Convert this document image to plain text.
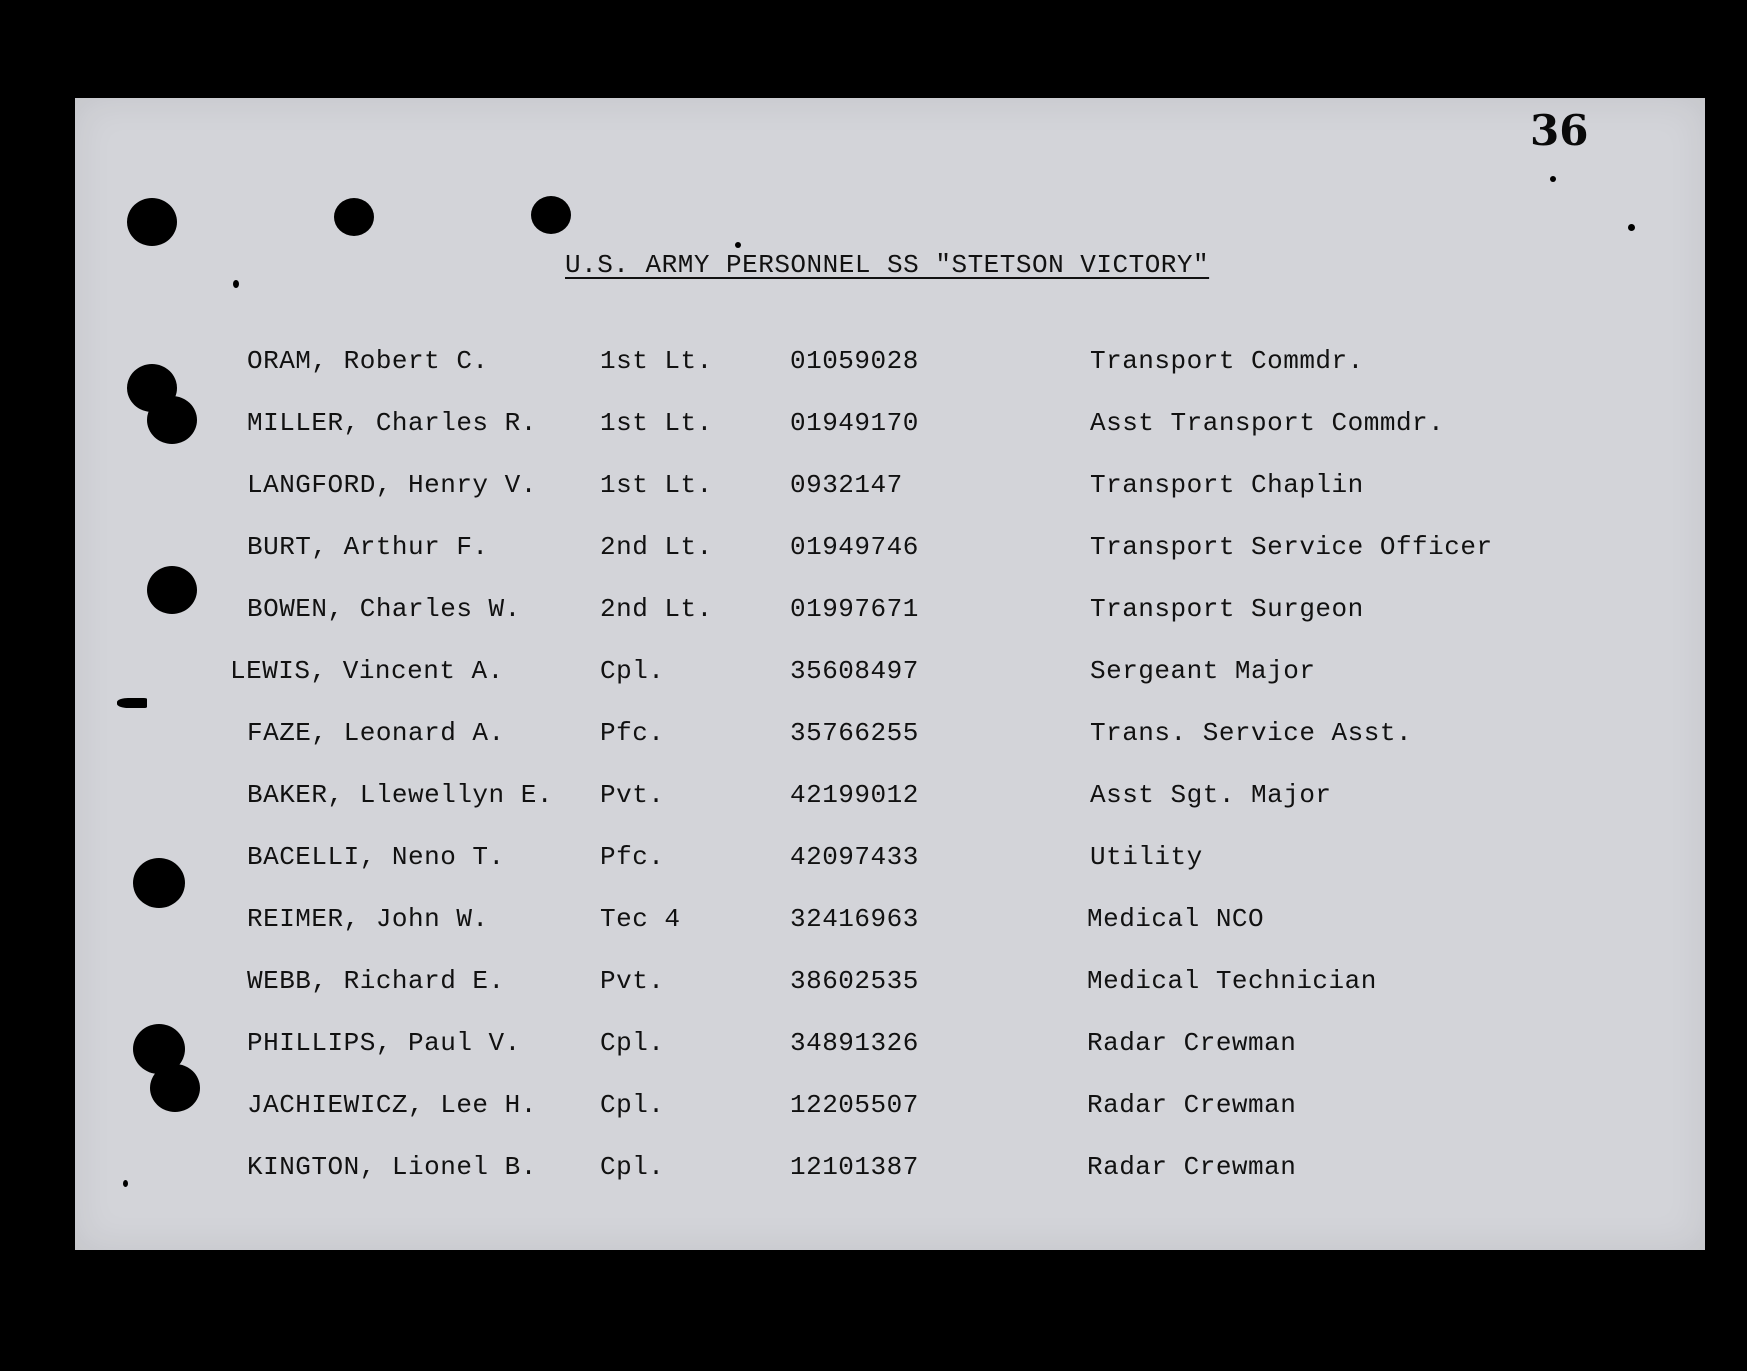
36
U.S. ARMY PERSONNEL SS "STETSON VICTORY"
ORAM, Robert C.	1st Lt.	01059028	Transport Commdr.
MILLER, Charles R. 1st Lt.	01949170	Asst Transport Commdr.
LANGFORD, Henry V. 1st Lt.	0932147	Transport Chaplin
BURT, Arthur F.	2nd Lt.	01949746	Transport Service Officer
BOWEN, Charles W.	2nd Lt.	01997671	Transport Surgeon
LEWIS, Vincent A.	Cpl.	35608497	Sergeant Major
FAZE, Leonard A.	Pfc.	35766255	Trans. Service Asst.
BAKER, Llewellyn E. Pvt.	42199012	Asst Sgt. Major
BACELLI, Neno T.	Pfc.	42097433	Utility
REIMER, John W.	Tec 4	32416963	Medical NCO
WEBB, Richard E.	Pvt.	38602535	Medical Technician
PHILLIPS, Paul V.	Cpl.	34891326	Radar Crewman
JACHIEWICZ, Lee H. Cpl.	12205507	Radar Crewman
KINGTON, Lionel B. Cpl.	12101387	Radar Crewman
